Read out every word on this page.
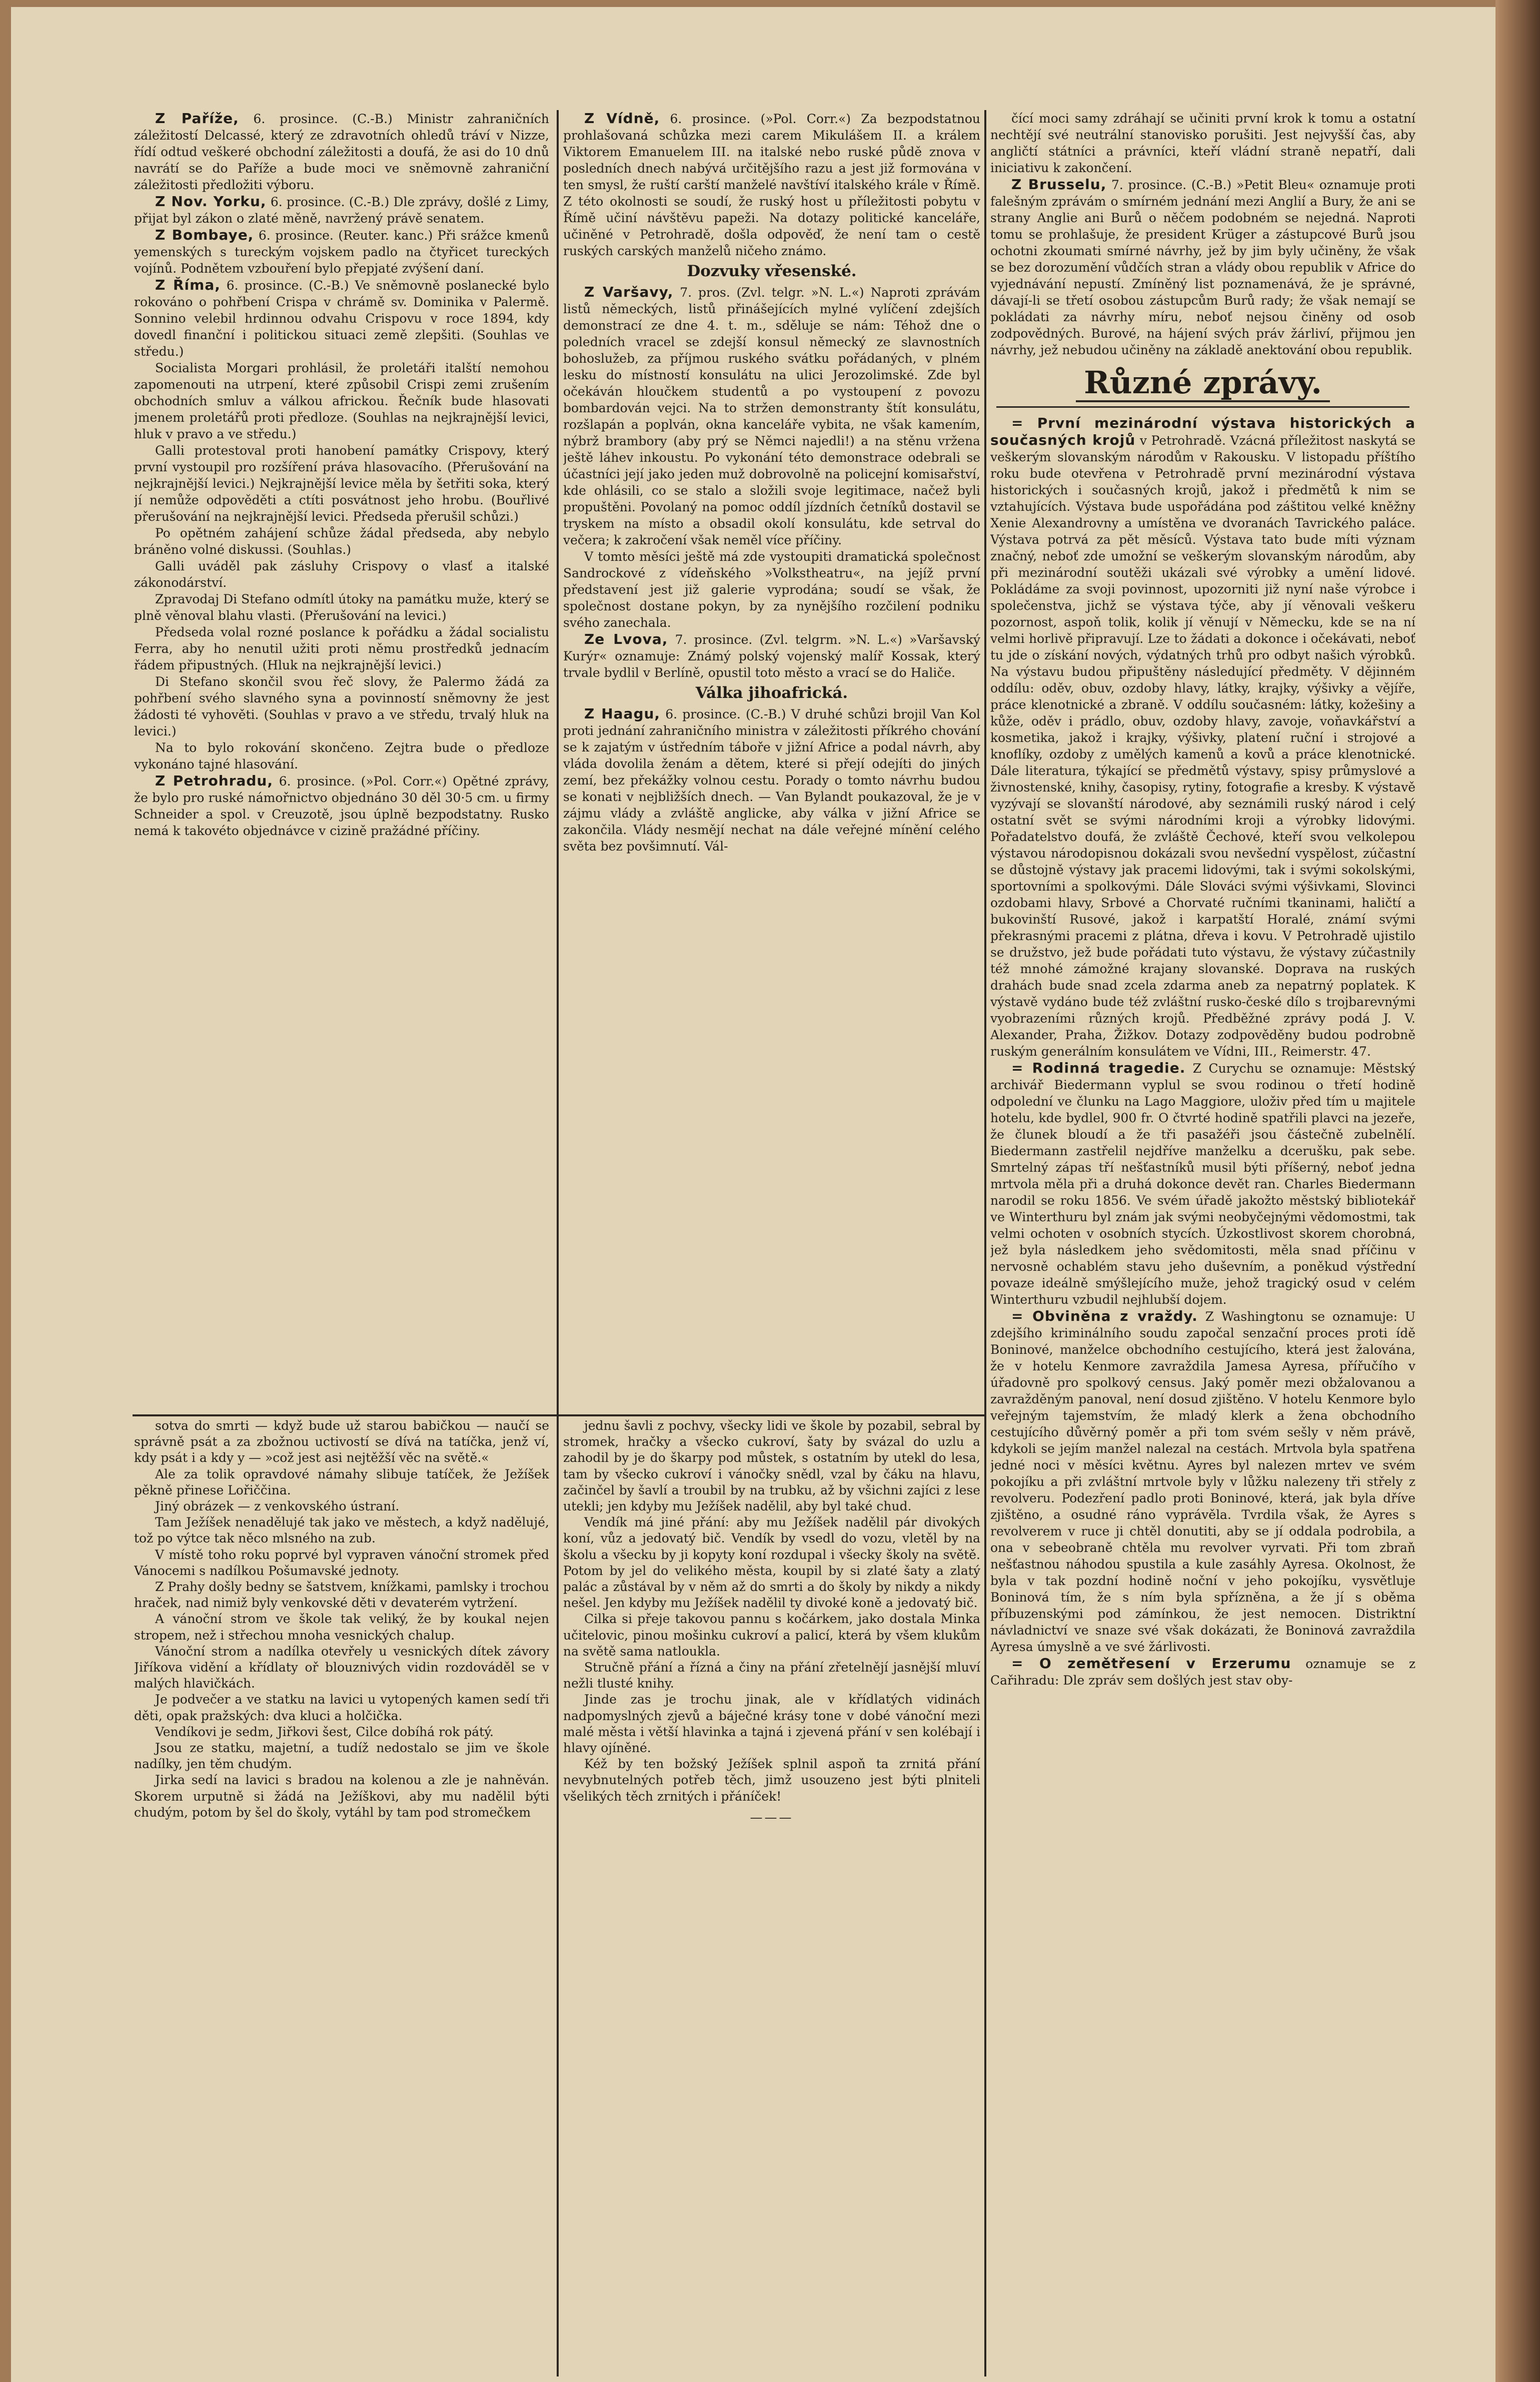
Z Paříže, 6. prosince. (C.-B.) Ministr zahraničních záležitostí Delcassé, který ze zdravotních ohledů tráví v Nizze, řídí odtud veškeré obchodní záležitosti a doufá, že asi do 10 dnů navrátí se do Paříže a bude moci ve sněmovně zahraniční záležitosti předložiti výboru.

Z Nov. Yorku, 6. prosince. (C.-B.) Dle zprávy, došlé z Limy, přijat byl zákon o zlaté měně, navržený právě senatem.

Z Bombaye, 6. prosince. (Reuter. kanc.) Při srážce kmenů yemenských s tureckým vojskem padlo na čtyřicet tureckých vojínů. Podnětem vzbouření bylo přepjaté zvýšení daní.

Z Říma, 6. prosince. (C.-B.) Ve sněmovně poslanecké bylo rokováno o pohřbení Crispa v chrámě sv. Dominika v Palermě. Sonnino velebil hrdinnou odvahu Crispovu v roce 1894, kdy dovedl finanční i politickou situaci země zlepšiti. (Souhlas ve středu.)

Socialista Morgari prohlásil, že proletáři italští nemohou zapomenouti na utrpení, které způsobil Crispi zemi zrušením obchodních smluv a válkou africkou. Řečník bude hlasovati jmenem proletářů proti předloze. (Souhlas na nejkrajnější levici, hluk v pravo a ve středu.)

Galli protestoval proti hanobení památky Crispovy, který první vystoupil pro rozšíření práva hlasovacího. (Přerušování na nejkrajnější levici.) Nejkrajnější levice měla by šetřiti soka, který jí nemůže odpověděti a ctíti posvátnost jeho hrobu. (Bouřlivé přerušování na nejkrajnější levici. Předseda přerušil schůzi.)

Po opětném zahájení schůze žádal předseda, aby nebylo bráněno volné diskussi. (Souhlas.)

Galli uváděl pak zásluhy Crispovy o vlasť a italské zákonodárství.

Zpravodaj Di Stefano odmítl útoky na památku muže, který se plně věnoval blahu vlasti. (Přerušování na levici.)

Předseda volal rozné poslance k pořádku a žádal socialistu Ferra, aby ho nenutil užiti proti němu prostředků jednacím řádem připustných. (Hluk na nejkrajnější levici.)

Di Stefano skončil svou řeč slovy, že Palermo žádá za pohřbení svého slavného syna a povinností sněmovny že jest žádosti té vyhověti. (Souhlas v pravo a ve středu, trvalý hluk na levici.)

Na to bylo rokování skončeno. Zejtra bude o předloze vykonáno tajné hlasování.

Z Petrohradu, 6. prosince. (»Pol. Corr.«) Opětné zprávy, že bylo pro ruské námořnictvo objednáno 30 děl 30·5 cm. u firmy Schneider a spol. v Creuzotě, jsou úplně bezpodstatny. Rusko nemá k takovéto objednávce v cizině pražádné příčiny.

Z Vídně, 6. prosince. (»Pol. Corr.«) Za bezpodstatnou prohlašovaná schůzka mezi carem Mikulášem II. a králem Viktorem Emanuelem III. na italské nebo ruské půdě znova v posledních dnech nabývá určitějšího razu a jest již formována v ten smysl, že ruští carští manželé navštíví italského krále v Římě. Z této okolnosti se soudí, že ruský host u příležitosti pobytu v Římě učiní návštěvu papeži. Na dotazy politické kanceláře, učiněné v Petrohradě, došla odpověď, že není tam o cestě ruských carských manželů ničeho známo.

Dozvuky vřesenské.

Z Varšavy, 7. pros. (Zvl. telgr. »N. L.«) Naproti zprávám listů německých, listů přinášejících mylné vylíčení zdejších demonstrací ze dne 4. t. m., sděluje se nám: Téhož dne o poledních vracel se zdejší konsul německý ze slavnostních bohoslužeb, za příjmou ruského svátku pořádaných, v plném lesku do místností konsulátu na ulici Jerozolimské. Zde byl očekáván hloučkem studentů a po vystoupení z povozu bombardován vejci. Na to stržen demonstranty štít konsulátu, rozšlapán a poplván, okna kanceláře vybita, ne však kamením, nýbrž brambory (aby prý se Němci najedli!) a na stěnu vržena ještě láhev inkoustu. Po vykonání této demonstrace odebrali se účastníci její jako jeden muž dobrovolně na policejní komisařství, kde ohlásili, co se stalo a složili svoje legitimace, načež byli propuštěni. Povolaný na pomoc oddíl jízdních četníků dostavil se tryskem na místo a obsadil okolí konsulátu, kde setrval do večera; k zakročení však neměl více příčiny.

V tomto měsíci ještě má zde vystoupiti dramatická společnost Sandrockové z vídeňského »Volkstheatru«, na jejíž první představení jest již galerie vyprodána; soudí se však, že společnost dostane pokyn, by za nynějšího rozčilení podniku svého zanechala.

Ze Lvova, 7. prosince. (Zvl. telgrm. »N. L.«) »Varšavský Kurýr« oznamuje: Známý polský vojenský malíř Kossak, který trvale bydlil v Berlíně, opustil toto město a vrací se do Haliče.

Válka jihoafrická.

Z Haagu, 6. prosince. (C.-B.) V druhé schůzi brojil Van Kol proti jednání zahraničního ministra v záležitosti příkrého chování se k zajatým v ústředním táboře v jižní Africe a podal návrh, aby vláda dovolila ženám a dětem, které si přejí odejíti do jiných zemí, bez překážky volnou cestu. Porady o tomto návrhu budou se konati v nejbližších dnech. — Van Bylandt poukazoval, že je v zájmu vlády a zvláště anglicke, aby válka v jižní Africe se zakončila. Vlády nesmějí nechat na dále veřejné mínění celého světa bez povšimnutí. Vál-

čící moci samy zdráhají se učiniti první krok k tomu a ostatní nechtějí své neutrální stanovisko porušiti. Jest nejvyšší čas, aby angličtí státníci a právníci, kteří vládní straně nepatří, dali iniciativu k zakončení.

Z Brusselu, 7. prosince. (C.-B.) »Petit Bleu« oznamuje proti falešným zprávám o smírném jednání mezi Anglií a Bury, že ani se strany Anglie ani Burů o něčem podobném se nejedná. Naproti tomu se prohlašuje, že president Krüger a zástupcové Burů jsou ochotni zkoumati smírné návrhy, jež by jim byly učiněny, že však se bez dorozumění vůdčích stran a vlády obou republik v Africe do vyjednávání nepustí. Zmíněný list poznamenává, že je správné, dávají-li se třetí osobou zástupcům Burů rady; že však nemají se pokládati za návrhy míru, neboť nejsou činěny od osob zodpovědných. Burové, na hájení svých práv žárliví, přijmou jen návrhy, jež nebudou učiněny na základě anektování obou republik.

Různé zprávy.

= První mezinárodní výstava historických a současných krojů v Petrohradě. Vzácná příležitost naskytá se veškerým slovanským národům v Rakousku. V listopadu příštího roku bude otevřena v Petrohradě první mezinárodní výstava historických i současných krojů, jakož i předmětů k nim se vztahujících. Výstava bude uspořádána pod záštitou velké kněžny Xenie Alexandrovny a umístěna ve dvoranách Tavrického paláce. Výstava potrvá za pět měsíců. Výstava tato bude míti význam značný, neboť zde umožní se veškerým slovanským národům, aby při mezinárodní soutěži ukázali své výrobky a umění lidové. Pokládáme za svoji povinnost, upozorniti již nyní naše výrobce i společenstva, jichž se výstava týče, aby jí věnovali veškeru pozornost, aspoň tolik, kolik jí věnují v Německu, kde se na ní velmi horlivě připravují. Lze to žádati a dokonce i očekávati, neboť tu jde o získání nových, výdatných trhů pro odbyt našich výrobků. Na výstavu budou připuštěny následující předměty. V dějinném oddílu: oděv, obuv, ozdoby hlavy, látky, krajky, výšivky a vějíře, práce klenotnické a zbraně. V oddílu současném: látky, kožešiny a kůže, oděv i prádlo, obuv, ozdoby hlavy, zavoje, voňavkářství a kosmetika, jakož i krajky, výšivky, platení ruční i strojové a knoflíky, ozdoby z umělých kamenů a kovů a práce klenotnické. Dále literatura, týkající se předmětů výstavy, spisy průmyslové a živnostenské, knihy, časopisy, rytiny, fotografie a kresby. K výstavě vyzývají se slovanští národové, aby seznámili ruský národ i celý ostatní svět se svými národními kroji a výrobky lidovými. Pořadatelstvo doufá, že zvláště Čechové, kteří svou velkolepou výstavou národopisnou dokázali svou nevšední vyspělost, zúčastní se důstojně výstavy jak pracemi lidovými, tak i svými sokolskými, sportovními a spolkovými. Dále Slováci svými výšivkami, Slovinci ozdobami hlavy, Srbové a Chorvaté ručními tkaninami, haličtí a bukovinští Rusové, jakož i karpatští Horalé, známí svými překrasnými pracemi z plátna, dřeva i kovu. V Petrohradě ujistilo se družstvo, jež bude pořádati tuto výstavu, že výstavy zúčastnily též mnohé zámožné krajany slovanské. Doprava na ruských drahách bude snad zcela zdarma aneb za nepatrný poplatek. K výstavě vydáno bude též zvláštní rusko-české dílo s trojbarevnými vyobrazeními různých krojů. Předběžné zprávy podá J. V. Alexander, Praha, Žižkov. Dotazy zodpověděny budou podrobně ruským generálním konsulátem ve Vídni, III., Reimerstr. 47.

= Rodinná tragedie. Z Curychu se oznamuje: Městský archivář Biedermann vyplul se svou rodinou o třetí hodině odpolední ve člunku na Lago Maggiore, uloživ před tím u majitele hotelu, kde bydlel, 900 fr. O čtvrté hodině spatřili plavci na jezeře, že člunek bloudí a že tři pasažéři jsou částečně zubelnělí. Biedermann zastřelil nejdříve manželku a dcerušku, pak sebe. Smrtelný zápas tří nešťastníků musil býti příšerný, neboť jedna mrtvola měla při a druhá dokonce devět ran. Charles Biedermann narodil se roku 1856. Ve svém úřadě jakožto městský bibliotekář ve Winterthuru byl znám jak svými neobyčejnými vědomostmi, tak velmi ochoten v osobních stycích. Úzkostlivost skorem chorobná, jež byla následkem jeho svědomitosti, měla snad příčinu v nervosně ochablém stavu jeho duševním, a poněkud výstřední povaze ideálně smýšlejícího muže, jehož tragický osud v celém Winterthuru vzbudil nejhlubší dojem.

= Obviněna z vraždy. Z Washingtonu se oznamuje: U zdejšího kriminálního soudu započal senzační proces proti ídě Boninové, manželce obchodního cestujícího, která jest žalována, že v hotelu Kenmore zavraždila Jamesa Ayresa, přířučího v úřadovně pro spolkový census. Jaký poměr mezi obžalovanou a zavražděným panoval, není dosud zjištěno. V hotelu Kenmore bylo veřejným tajemstvím, že mladý klerk a žena obchodního cestujícího důvěrný poměr a při tom svém sešly v něm právě, kdykoli se jejím manžel nalezal na cestách. Mrtvola byla spatřena jedné noci v měsíci květnu. Ayres byl nalezen mrtev ve svém pokojíku a při zvláštní mrtvole byly v lůžku nalezeny tři střely z revolveru. Podezření padlo proti Boninové, která, jak byla dříve zjištěno, a osudné ráno vyprávěla. Tvrdila však, že Ayres s revolverem v ruce ji chtěl donutiti, aby se jí oddala podrobila, a ona v sebeobraně chtěla mu revolver vyrvati. Při tom zbraň nešťastnou náhodou spustila a kule zasáhly Ayresa. Okolnost, že byla v tak pozdní hodině noční v jeho pokojíku, vysvětluje Boninová tím, že s ním byla spřízněna, a že jí s oběma příbuzenskými pod zámínkou, že jest nemocen. Distriktní návladnictví ve snaze své však dokázati, že Boninová zavraždila Ayresa úmyslně a ve své žárlivosti.

= O zemětřesení v Erzerumu oznamuje se z Cařihradu: Dle zpráv sem došlých jest stav oby-

sotva do smrti — když bude už starou babičkou — naučí se správně psát a za zbožnou uctivostí se dívá na tatíčka, jenž ví, kdy psát i a kdy y — »což jest asi nejtěžší věc na světě.«

Ale za tolik opravdové námahy slibuje tatíček, že Ježíšek pěkně přinese Lořiččina.

Jiný obrázek — z venkovského ústraní.

Tam Ježíšek nenadělujé tak jako ve městech, a když nadělujé, tož po výtce tak něco mlsného na zub.

V místě toho roku poprvé byl vypraven vánoční stromek před Vánocemi s nadílkou Pošumavské jednoty.

Z Prahy došly bedny se šatstvem, knížkami, pamlsky i trochou hraček, nad nimiž byly venkovské děti v devaterém vytržení.

A vánoční strom ve škole tak veliký, že by koukal nejen stropem, než i střechou mnoha vesnických chalup.

Vánoční strom a nadílka otevřely u vesnických dítek závory Jiříkova vidění a křídlaty oř blouznivých vidin rozdováděl se v malých hlavičkách.

Je podvečer a ve statku na lavici u vytopených kamen sedí tři děti, opak pražských: dva kluci a holčička.

Vendíkovi je sedm, Jiřkovi šest, Cilce dobíhá rok pátý.

Jsou ze statku, majetní, a tudíž nedostalo se jim ve škole nadílky, jen těm chudým.

Jirka sedí na lavici s bradou na kolenou a zle je nahněván. Skorem urputně si žádá na Ježíškovi, aby mu nadělil býti chudým, potom by šel do školy, vytáhl by tam pod stromečkem

jednu šavli z pochvy, všecky lidi ve škole by pozabil, sebral by stromek, hračky a všecko cukroví, šaty by svázal do uzlu a zahodil by je do škarpy pod můstek, s ostatním by utekl do lesa, tam by všecko cukroví i vánočky snědl, vzal by čáku na hlavu, začinčel by šavlí a troubil by na trubku, až by všichni zajíci z lese utekli; jen kdyby mu Ježíšek nadělil, aby byl také chud.

Vendík má jiné přání: aby mu Ježíšek nadělil pár divokých koní, vůz a jedovatý bič. Vendík by vsedl do vozu, vletěl by na školu a všecku by ji kopyty koní rozdupal i všecky školy na světě. Potom by jel do velikého města, koupil by si zlaté šaty a zlatý palác a zůstával by v něm až do smrti a do školy by nikdy a nikdy nešel. Jen kdyby mu Ježíšek nadělil ty divoké koně a jedovatý bič.

Cilka si přeje takovou pannu s kočárkem, jako dostala Minka učitelovic, pinou mošinku cukroví a palicí, která by všem klukům na světě sama natloukla.

Stručně přání a řízná a činy na přání zřetelnějí jasnější mluví nežli tlusté knihy.

Jinde zas je trochu jinak, ale v křídlatých vidinách nadpomyslných zjevů a báječné krásy tone v dobé vánoční mezi malé města i větší hlavinka a tajná i zjevená přání v sen kolébají i hlavy ojíněné.

Kéž by ten božský Ježíšek splnil aspoň ta zrnitá přání nevybnutelných potřeb těch, jimž usouzeno jest býti plniteli všelikých těch zrnitých i přáníček!

———
